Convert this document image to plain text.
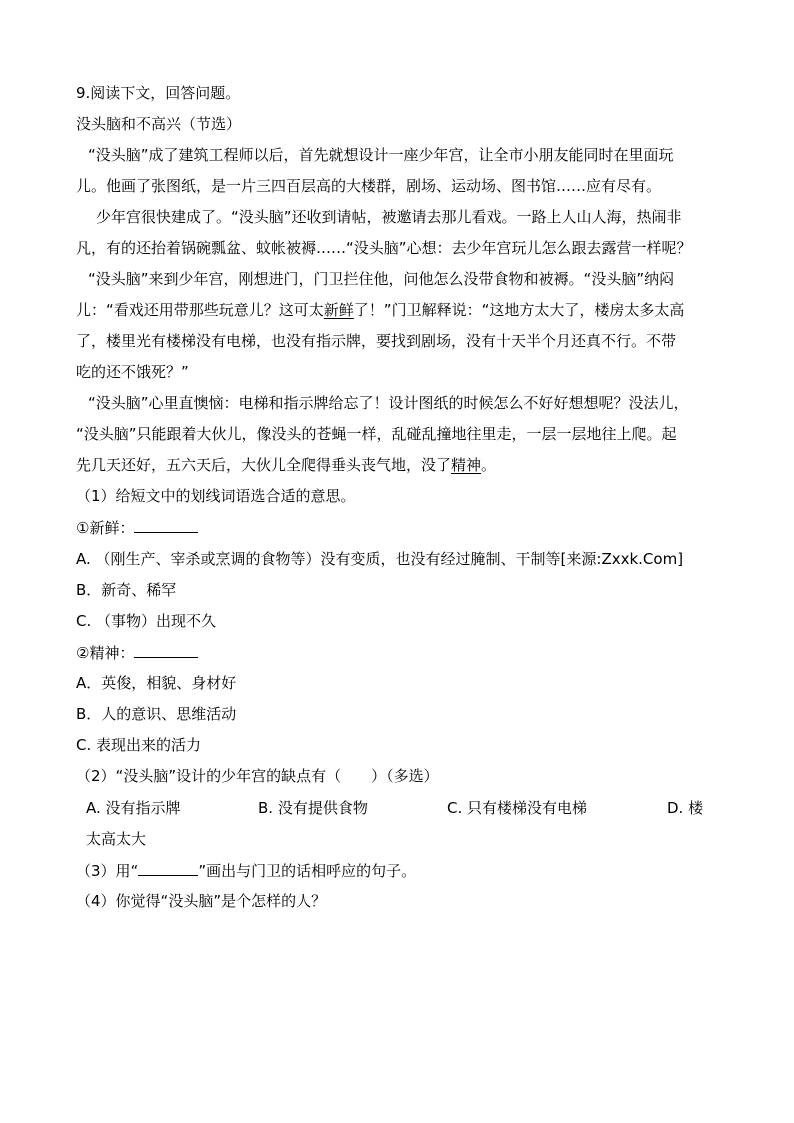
9.阅读下文，回答问题。
没头脑和不高兴（节选）
“没头脑”成了建筑工程师以后，首先就想设计一座少年宫，让全市小朋友能同时在里面玩
儿。他画了张图纸，是一片三四百层高的大楼群，剧场、运动场、图书馆……应有尽有。
少年宫很快建成了。“没头脑”还收到请帖，被邀请去那儿看戏。一路上人山人海，热闹非
凡，有的还抬着锅碗瓢盆、蚊帐被褥……“没头脑”心想：去少年宫玩儿怎么跟去露营一样呢？
“没头脑”来到少年宫，刚想进门，门卫拦住他，问他怎么没带食物和被褥。“没头脑”纳闷
儿：“看戏还用带那些玩意儿？这可太新鲜了！”门卫解释说：“这地方太大了，楼房太多太高
了，楼里光有楼梯没有电梯，也没有指示牌，要找到剧场，没有十天半个月还真不行。不带
吃的还不饿死？”
“没头脑”心里直懊恼：电梯和指示牌给忘了！设计图纸的时候怎么不好好想想呢？没法儿，
“没头脑”只能跟着大伙儿，像没头的苍蝇一样，乱碰乱撞地往里走，一层一层地往上爬。起
先几天还好，五六天后，大伙儿全爬得垂头丧气地，没了精神。
（1）给短文中的划线词语选合适的意思。
①新鲜：
A. （刚生产、宰杀或烹调的食物等）没有变质，也没有经过腌制、干制等[来源:Zxxk.Com]
B．新奇、稀罕
C. （事物）出现不久
②精神：
A．英俊，相貌、身材好
B．人的意识、思维活动
C. 表现出来的活力
（2）“没头脑”设计的少年宫的缺点有（　　）（多选）
A. 没有指示牌	B. 没有提供食物	C. 只有楼梯没有电梯	D. 楼
太高太大
（3）用“	”画出与门卫的话相呼应的句子。
（4）你觉得“没头脑”是个怎样的人？
